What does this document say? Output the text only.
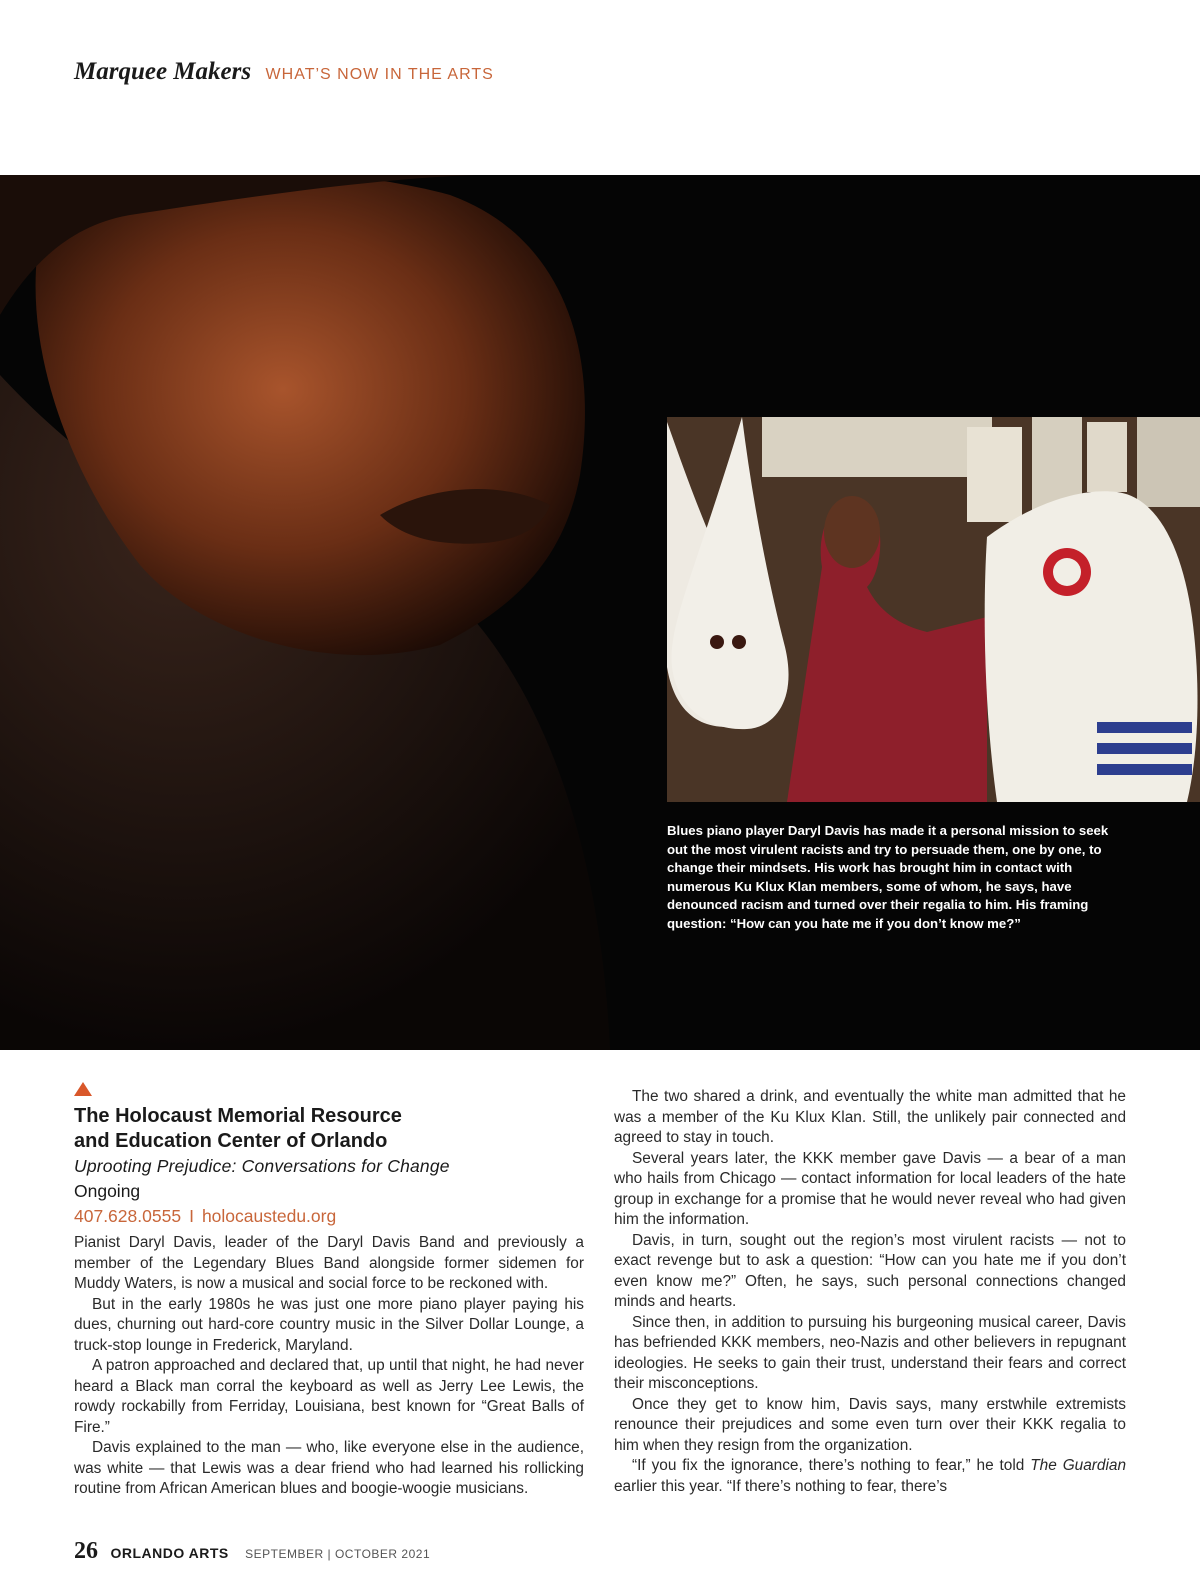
Marquee Makers WHAT’S NOW IN THE ARTS
Blues piano player Daryl Davis has made it a personal mission to seek out the most virulent racists and try to persuade them, one by one, to change their mindsets. His work has brought him in contact with numerous Ku Klux Klan members, some of whom, he says, have denounced racism and turned over their regalia to him. His framing question: “How can you hate me if you don’t know me?”
The Holocaust Memorial Resource
and Education Center of Orlando
Uprooting Prejudice: Conversations for Change
Ongoing
407.628.0555 I holocaustedu.org

Pianist Daryl Davis, leader of the Daryl Davis Band and previously a member of the Legendary Blues Band alongside former sidemen for Muddy Waters, is now a musical and social force to be reckoned with.

But in the early 1980s he was just one more piano player paying his dues, churning out hard-core country music in the Silver Dollar Lounge, a truck-stop lounge in Frederick, Maryland.

A patron approached and declared that, up until that night, he had never heard a Black man corral the keyboard as well as Jerry Lee Lewis, the rowdy rockabilly from Ferriday, Louisiana, best known for “Great Balls of Fire.”

Davis explained to the man — who, like everyone else in the audience, was white — that Lewis was a dear friend who had learned his rollicking routine from African American blues and boogie-woogie musicians.

The two shared a drink, and eventually the white man admitted that he was a member of the Ku Klux Klan. Still, the unlikely pair connected and agreed to stay in touch.

Several years later, the KKK member gave Davis — a bear of a man who hails from Chicago — contact information for local leaders of the hate group in exchange for a promise that he would never reveal who had given him the information.

Davis, in turn, sought out the region’s most virulent racists — not to exact revenge but to ask a question: “How can you hate me if you don’t even know me?” Often, he says, such personal connections changed minds and hearts.

Since then, in addition to pursuing his burgeoning musical career, Davis has befriended KKK members, neo-Nazis and other believers in repugnant ideologies. He seeks to gain their trust, understand their fears and correct their misconceptions.

Once they get to know him, Davis says, many erstwhile extremists renounce their prejudices and some even turn over their KKK regalia to him when they resign from the organization.

“If you fix the ignorance, there’s nothing to fear,” he told The Guardian earlier this year. “If there’s nothing to fear, there’s

26 ORLANDO ARTS SEPTEMBER | OCTOBER 2021
